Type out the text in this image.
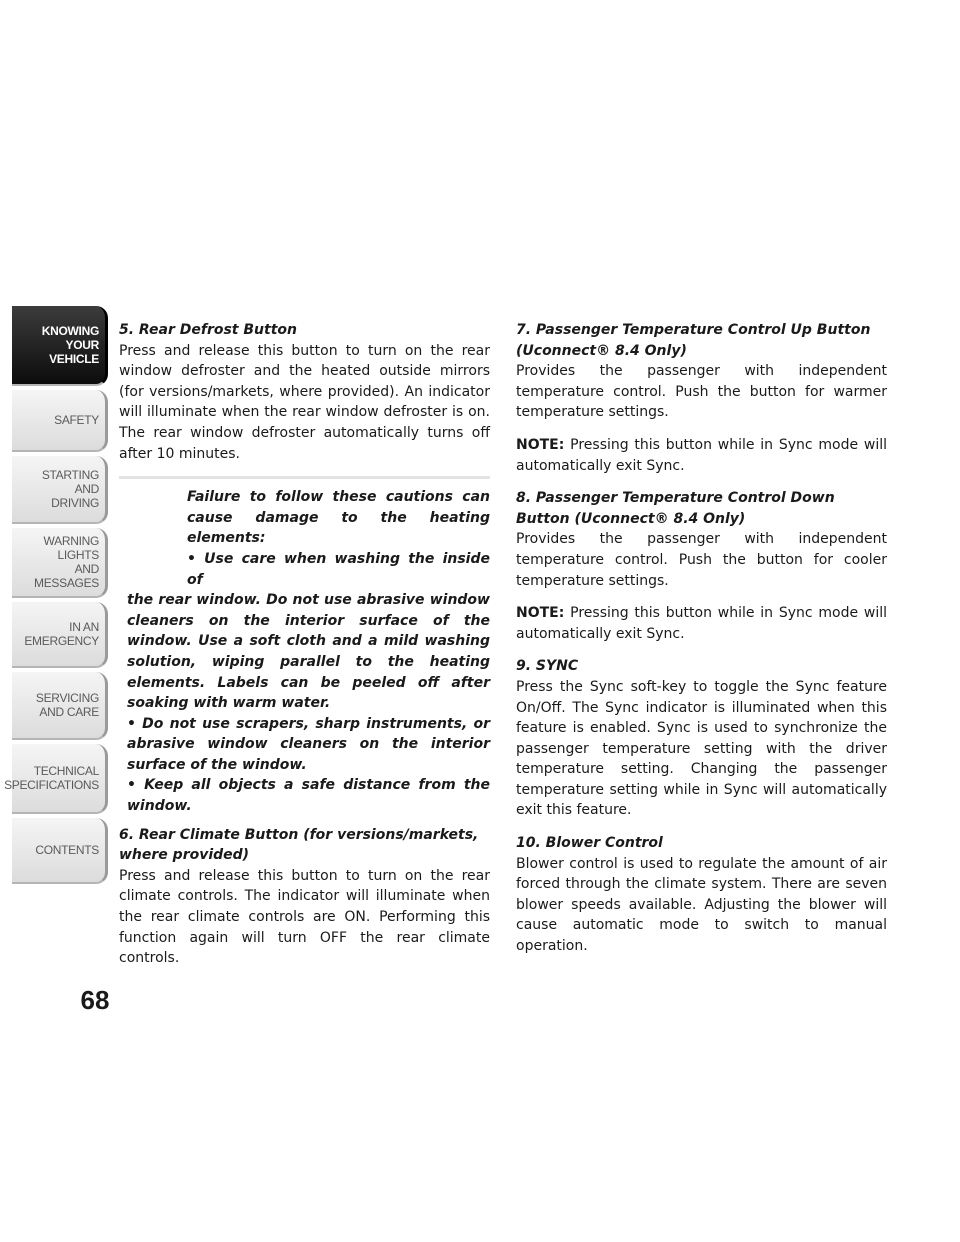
KNOWING
YOUR
VEHICLE
SAFETY
STARTING
AND
DRIVING
WARNING
LIGHTS
AND
MESSAGES
IN AN
EMERGENCY
SERVICING
AND CARE
TECHNICAL
SPECIFICATIONS
CONTENTS
68

5. Rear Defrost Button

Press and release this button to turn on the rear window defroster and the heated outside mirrors (for versions/markets, where provided). An indicator will illuminate when the rear window defroster is on. The rear window defroster automatically turns off after 10 minutes.

Failure to follow these cautions can cause damage to the heating elements:

• Use care when washing the inside of

the rear window. Do not use abrasive window cleaners on the interior surface of the window. Use a soft cloth and a mild washing solution, wiping parallel to the heating elements. Labels can be peeled off after soaking with warm water.

• Do not use scrapers, sharp instruments, or abrasive window cleaners on the interior surface of the window.

• Keep all objects a safe distance from the window.

6. Rear Climate Button (for versions/markets, where provided)

Press and release this button to turn on the rear climate controls. The indicator will illuminate when the rear climate controls are ON. Performing this function again will turn OFF the rear climate controls.

7. Passenger Temperature Control Up Button (Uconnect® 8.4 Only)

Provides the passenger with independent temperature control. Push the button for warmer temperature settings.

NOTE: Pressing this button while in Sync mode will automatically exit Sync.

8. Passenger Temperature Control Down Button (Uconnect® 8.4 Only)

Provides the passenger with independent temperature control. Push the button for cooler temperature settings.

NOTE: Pressing this button while in Sync mode will automatically exit Sync.

9. SYNC

Press the Sync soft-key to toggle the Sync feature On/Off. The Sync indicator is illuminated when this feature is enabled. Sync is used to synchronize the passenger temperature setting with the driver temperature setting. Changing the passenger temperature setting while in Sync will automatically exit this feature.

10. Blower Control

Blower control is used to regulate the amount of air forced through the climate system. There are seven blower speeds available. Adjusting the blower will cause automatic mode to switch to manual operation.
